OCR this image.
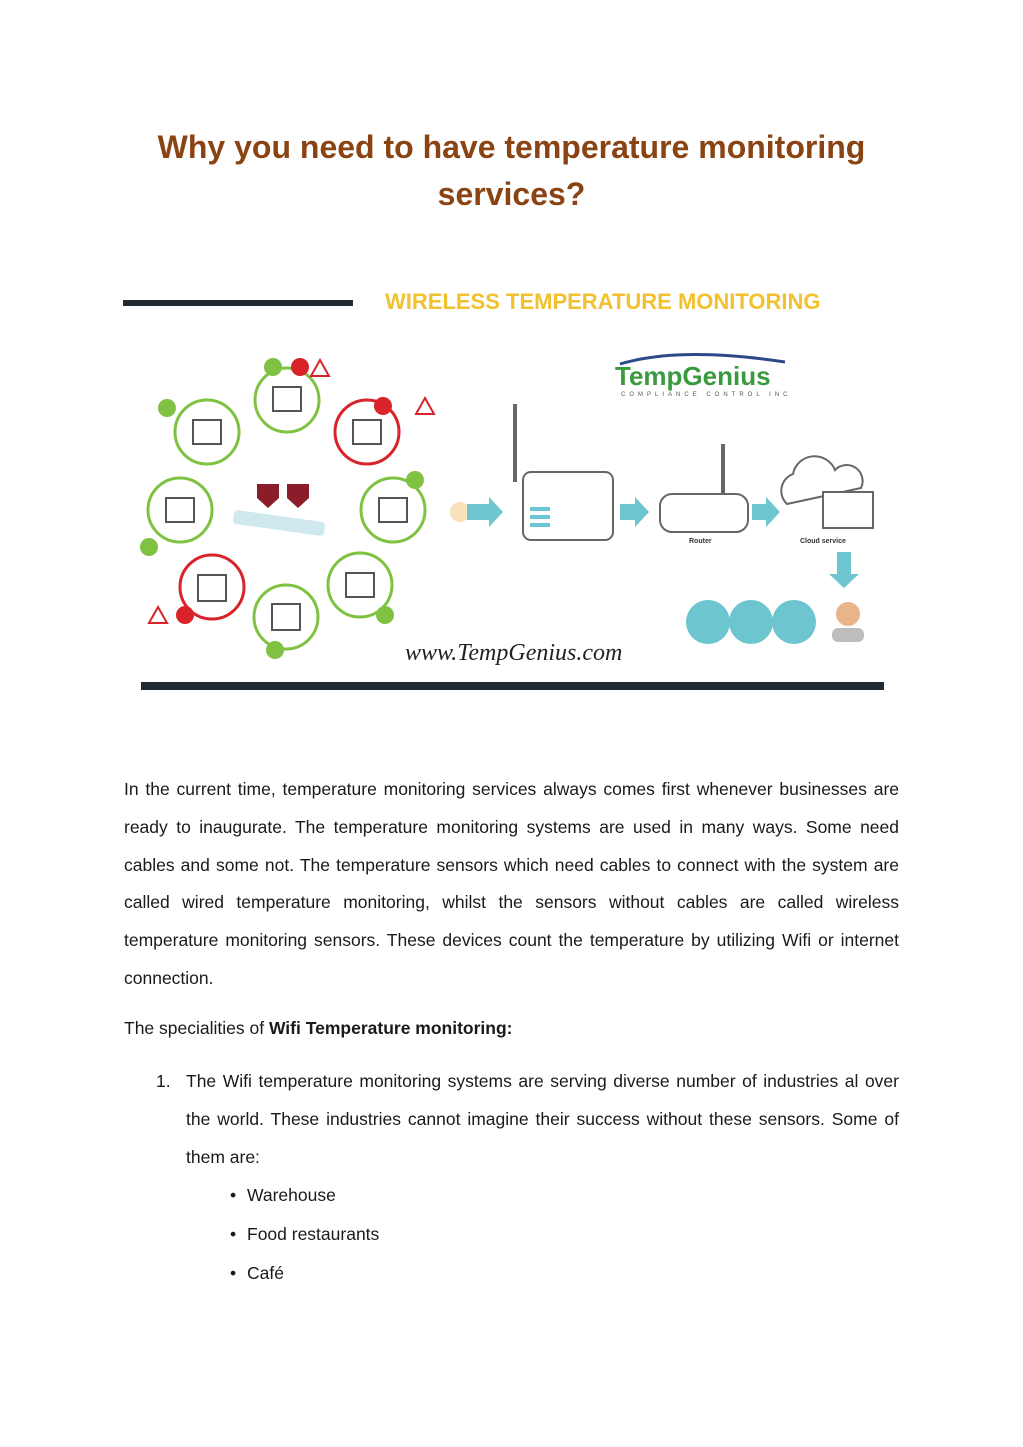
Why you need to have temperature monitoring services?
WIRELESS TEMPERATURE MONITORING
TempGenius
COMPLIANCE CONTROL INC
Router	Cloud service
www.TempGenius.com

In the current time, temperature monitoring services always comes first whenever businesses are ready to inaugurate. The temperature monitoring systems are used in many ways. Some need cables and some not. The temperature sensors which need cables to connect with the system are called wired temperature monitoring, whilst the sensors without cables are called wireless temperature monitoring sensors. These devices count the temperature by utilizing Wifi or internet connection.

The specialities of Wifi Temperature monitoring:

1. The Wifi temperature monitoring systems are serving diverse number of industries al over the world. These industries cannot imagine their success without these sensors. Some of them are:
• Warehouse
• Food restaurants
• Café
